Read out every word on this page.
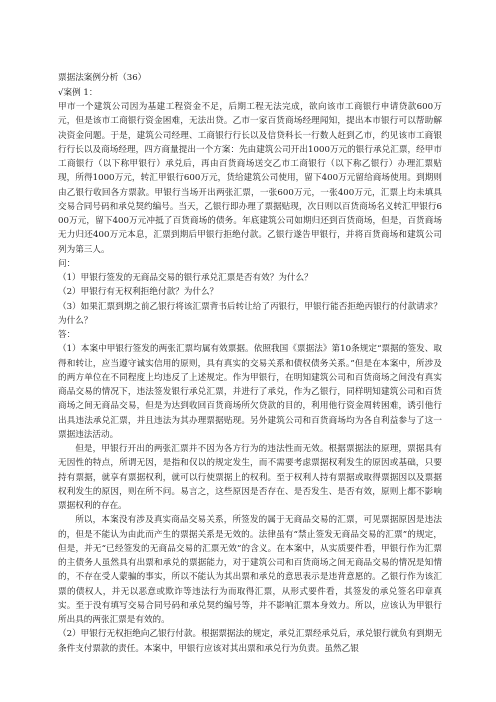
票据法案例分析（36）
√案例 1：

甲市一个建筑公司因为基建工程资金不足，后期工程无法完成，欲向该市工商银行申请贷款600万元，但是该市工商银行资金困难，无法出贷。乙市一家百货商场经理闻知，提出本市银行可以帮助解决资金问题。于是，建筑公司经理、工商银行行长以及信贷科长一行数人赶到乙市，约见该市工商银行行长以及商场经理，四方商量提出一个方案：先由建筑公司开出1000万元的银行承兑汇票，经甲市工商银行（以下称甲银行）承兑后，再由百货商场送交乙市工商银行（以下称乙银行）办理汇票贴现，所得1000万元，转汇甲银行600万元，货给建筑公司使用，留下400万元留给商场使用。到期则由乙银行收回各方票款。甲银行当场开出两张汇票，一张600万元，一张400万元，汇票上均未填具交易合同号码和承兑契约编号。当天，乙银行即办理了票据贴现，次日则以百货商场名义转汇甲银行600万元，留下400万元冲抵了百货商场的债务。年底建筑公司如期归还到百货商场，但是，百货商场无力归还400万元本息，汇票到期后甲银行拒绝付款。乙银行遂告甲银行，并将百货商场和建筑公司列为第三人。

问：

（1）甲银行签发的无商品交易的银行承兑汇票是否有效？为什么？

（2）甲银行有无权利拒绝付款？为什么？

（3）如果汇票到期之前乙银行将该汇票背书后转让给了丙银行，甲银行能否拒绝丙银行的付款请求？为什么？

答：

（1）本案中甲银行签发的两张汇票均属有效票据。依照我国《票据法》第10条规定“票据的签发、取得和转让，应当遵守诚实信用的原则，具有真实的交易关系和债权债务关系。”但是在本案中，所涉及的两方单位在不同程度上均违反了上述规定。作为甲银行，在明知建筑公司和百货商场之间没有真实商品交易的情况下，违法签发银行承兑汇票，并进行了承兑，作为乙银行，同样明知建筑公司和百货商场之间无商品交易，但是为达到收回百货商场所欠贷款的目的，利用他行资金周转困难，诱引他行出具违法承兑汇票，并且违法为其办理票据贴现。另外建筑公司和百货商场均为各自利益参与了这一票据违法活动。

但是，甲银行开出的两张汇票并不因为各方行为的违法性而无效。根据票据法的原理，票据具有无因性的特点，所谓无因，是指和仅以的规定发生，而不需要考虑票据权利发生的原因或基础，只要持有票据，就享有票据权利，就可以行使票据上的权利。至于权利人持有票据或取得票据因以及票据权利发生的原因，则在所不问。易言之，这些原因是否存在、是否发生、是否有效，原则上都不影响票据权利的存在。

所以，本案没有涉及真实商品交易关系，所签发的属于无商品交易的汇票，可见票据原因是违法的，但是不能认为由此而产生的票据关系是无效的。法律虽有“禁止签发无商品交易的汇票”的规定，但是，并无“已经签发的无商品交易的汇票无效”的含义。在本案中，从实质要件看，甲银行作为汇票的主债务人虽然具有出票和承兑的票据能力，对于建筑公司和百货商场之间无商品交易的情况是知情的，不存在受人蒙骗的事实，所以不能认为其出票和承兑的意思表示是违背意愿的。乙银行作为该汇票的债权人，并无以恶意或欺诈等违法行为而取得汇票，从形式要件看，其签发的承兑签名印章真实。至于没有填写交易合同号码和承兑契约编号等，并不影响汇票本身效力。所以，应该认为甲银行所出具的两张汇票是有效的。

（2）甲银行无权拒绝向乙银行付款。根据票据法的规定，承兑汇票经承兑后，承兑银行就负有到期无条件支付票款的责任。本案中，甲银行应该对其出票和承兑行为负责。虽然乙银
